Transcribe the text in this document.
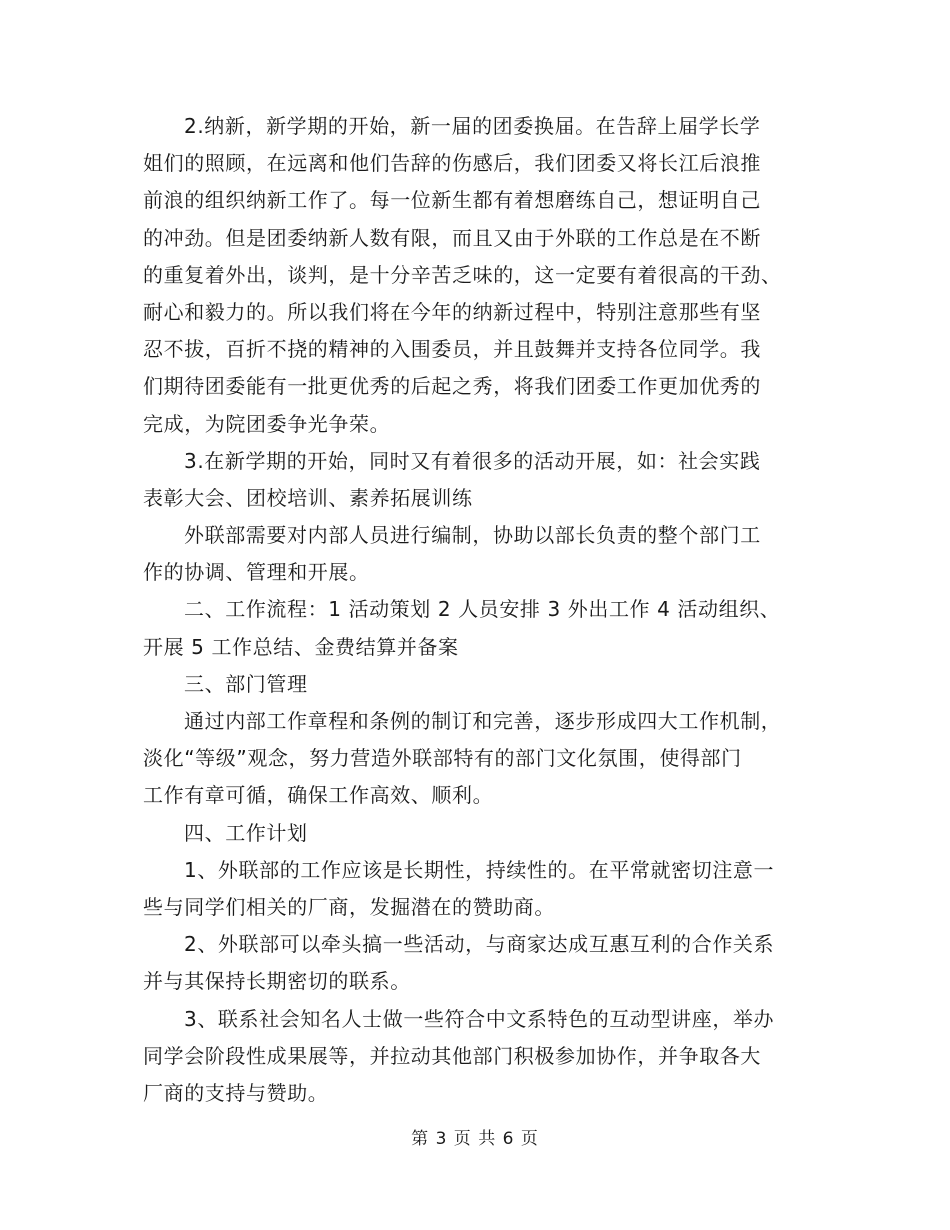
2.纳新，新学期的开始，新一届的团委换届。在告辞上届学长学
姐们的照顾，在远离和他们告辞的伤感后，我们团委又将长江后浪推
前浪的组织纳新工作了。每一位新生都有着想磨练自己，想证明自己
的冲劲。但是团委纳新人数有限，而且又由于外联的工作总是在不断
的重复着外出，谈判，是十分辛苦乏味的，这一定要有着很高的干劲、
耐心和毅力的。所以我们将在今年的纳新过程中，特别注意那些有坚
忍不拔，百折不挠的精神的入围委员，并且鼓舞并支持各位同学。我
们期待团委能有一批更优秀的后起之秀，将我们团委工作更加优秀的
完成，为院团委争光争荣。
3.在新学期的开始，同时又有着很多的活动开展，如：社会实践
表彰大会、团校培训、素养拓展训练
外联部需要对内部人员进行编制，协助以部长负责的整个部门工
作的协调、管理和开展。
二、工作流程：1 活动策划 2 人员安排 3 外出工作 4 活动组织、
开展 5 工作总结、金费结算并备案
三、部门管理
通过内部工作章程和条例的制订和完善，逐步形成四大工作机制，
淡化“等级”观念，努力营造外联部特有的部门文化氛围，使得部门
工作有章可循，确保工作高效、顺利。
四、工作计划
1、外联部的工作应该是长期性，持续性的。在平常就密切注意一
些与同学们相关的厂商，发掘潜在的赞助商。
2、外联部可以牵头搞一些活动，与商家达成互惠互利的合作关系
并与其保持长期密切的联系。
3、联系社会知名人士做一些符合中文系特色的互动型讲座，举办
同学会阶段性成果展等，并拉动其他部门积极参加协作，并争取各大
厂商的支持与赞助。
第 3 页 共 6 页
